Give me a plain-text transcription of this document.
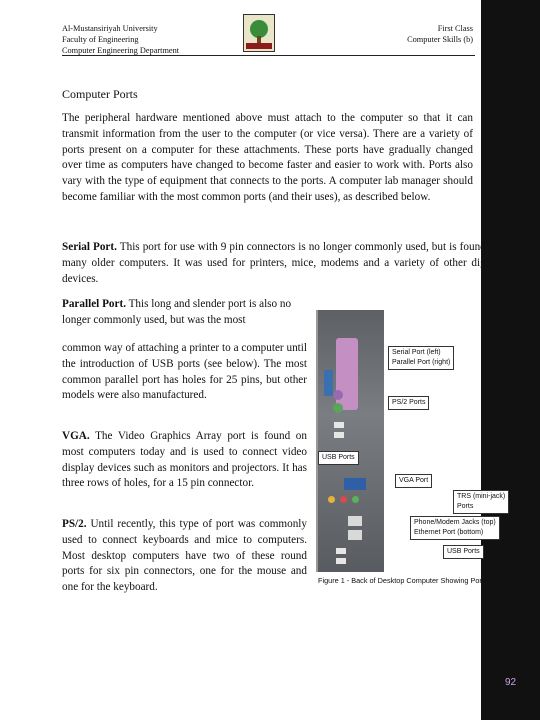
Al-Mustansiriyah University
Faculty of Engineering
Computer Engineering Department
First Class
Computer Skills (b)
Computer Ports

The peripheral hardware mentioned above must attach to the computer so that it can transmit information from the user to the computer (or vice versa). There are a variety of ports present on a computer for these attachments. These ports have gradually changed over time as computers have changed to become faster and easier to work with. Ports also vary with the type of equipment that connects to the ports. A computer lab manager should become familiar with the most common ports (and their uses), as described below.

Serial Port. This port for use with 9 pin connectors is no longer commonly used, but is found on many older computers. It was used for printers, mice, modems and a variety of other digital devices.

Parallel Port. This long and slender port is also no longer commonly used, but was the most

common way of attaching a printer to a computer until the introduction of USB ports (see below). The most common parallel port has holes for 25 pins, but other models were also manufactured.

VGA. The Video Graphics Array port is found on most computers today and is used to connect video display devices such as monitors and projectors. It has three rows of holes, for a 15 pin connector.

PS/2. Until recently, this type of port was commonly used to connect keyboards and mice to computers. Most desktop computers have two of these round ports for six pin connectors, one for the mouse and one for the keyboard.

Serial Port (left)
Parallel Port (right)
PS/2 Ports
USB Ports
VGA Port
TRS (mini-jack)
Ports
Phone/Modem Jacks (top)
Ethernet Port (bottom)
USB Ports
Figure 1 - Back of Desktop Computer Showing Ports
92
